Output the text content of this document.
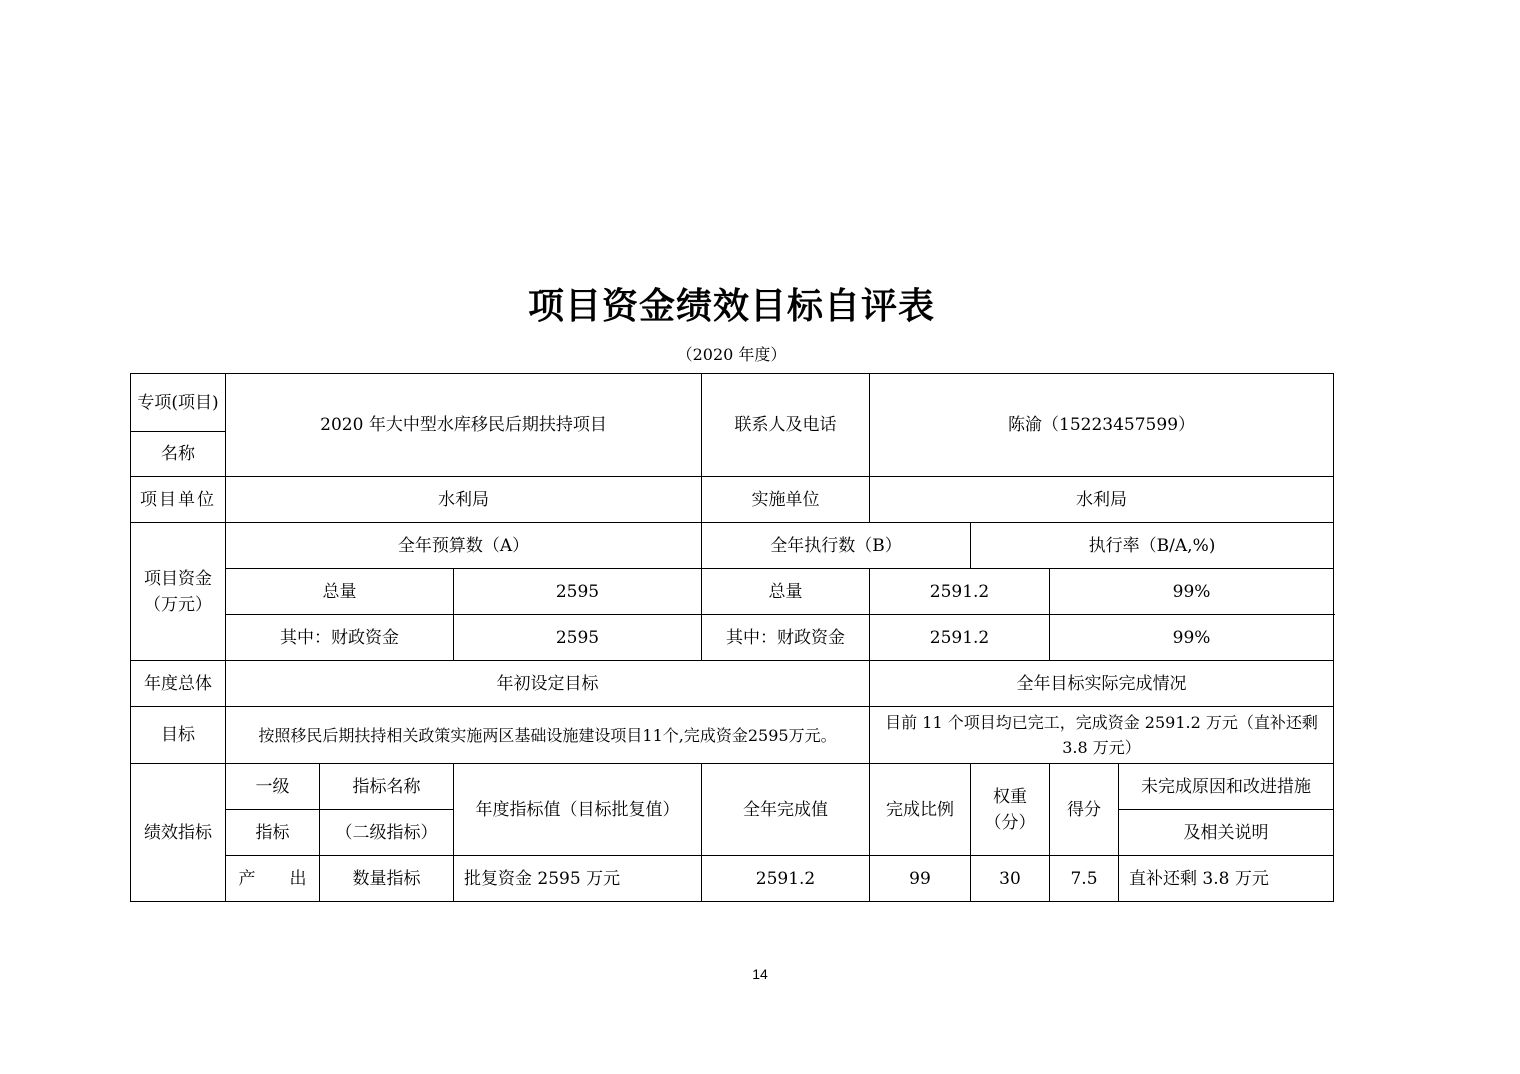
项目资金绩效目标自评表
（2020 年度）
专项(项目)	2020 年大中型水库移民后期扶持项目			联系人及电话	陈渝（15223457599）			
名称								
项目单位	水利局			实施单位	水利局			
项目资金（万元）	全年预算数（A）			全年执行数（B）		执行率（B/A,%)		
	总量		2595	总量	2591.2		99%	
	其中：财政资金		2595	其中：财政资金	2591.2		99%	
年度总体	年初设定目标				全年目标实际完成情况			
目标	按照移民后期扶持相关政策实施两区基础设施建设项目11个,完成资金2595万元。				目前 11 个项目均已完工，完成资金 2591.2 万元（直补还剩 3.8 万元）			
绩效指标	一级	指标名称	年度指标值（目标批复值）	全年完成值	完成比例	权重（分）	得分	未完成原因和改进措施
	指标	（二级指标）						及相关说明
	产　　出	数量指标	批复资金 2595 万元	2591.2	99	30	7.5	直补还剩 3.8 万元
14
